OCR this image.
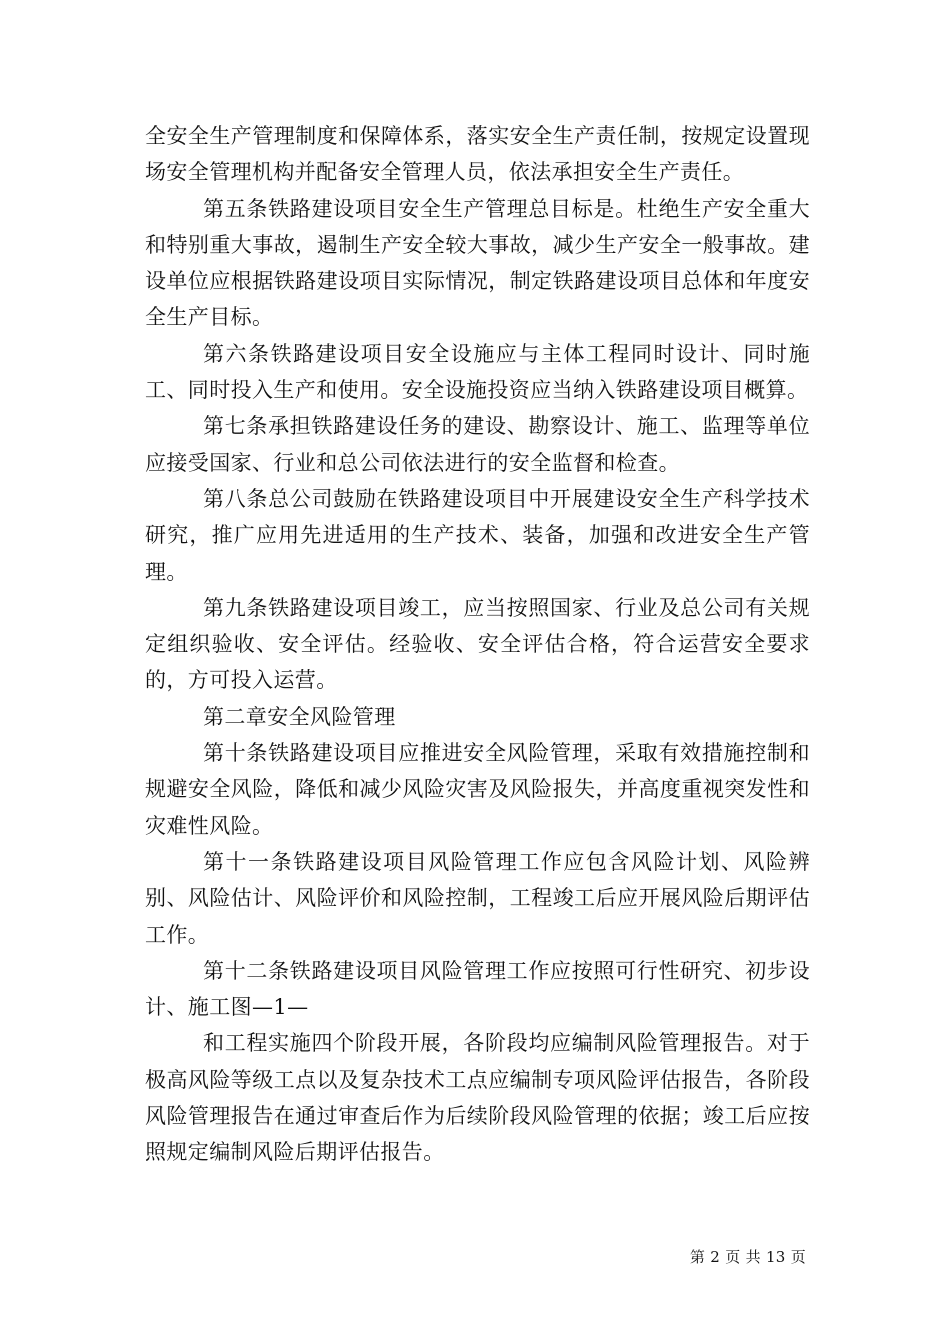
全安全生产管理制度和保障体系，落实安全生产责任制，按规定设置现场安全管理机构并配备安全管理人员，依法承担安全生产责任。

第五条铁路建设项目安全生产管理总目标是。杜绝生产安全重大和特别重大事故，遏制生产安全较大事故，减少生产安全一般事故。建设单位应根据铁路建设项目实际情况，制定铁路建设项目总体和年度安全生产目标。

第六条铁路建设项目安全设施应与主体工程同时设计、同时施工、同时投入生产和使用。安全设施投资应当纳入铁路建设项目概算。

第七条承担铁路建设任务的建设、勘察设计、施工、监理等单位应接受国家、行业和总公司依法进行的安全监督和检查。

第八条总公司鼓励在铁路建设项目中开展建设安全生产科学技术研究，推广应用先进适用的生产技术、装备，加强和改进安全生产管理。

第九条铁路建设项目竣工，应当按照国家、行业及总公司有关规定组织验收、安全评估。经验收、安全评估合格，符合运营安全要求的，方可投入运营。

第二章安全风险管理

第十条铁路建设项目应推进安全风险管理，采取有效措施控制和规避安全风险，降低和减少风险灾害及风险报失，并高度重视突发性和灾难性风险。

第十一条铁路建设项目风险管理工作应包含风险计划、风险辨别、风险估计、风险评价和风险控制，工程竣工后应开展风险后期评估工作。

第十二条铁路建设项目风险管理工作应按照可行性研究、初步设计、施工图—1—

和工程实施四个阶段开展，各阶段均应编制风险管理报告。对于极高风险等级工点以及复杂技术工点应编制专项风险评估报告，各阶段风险管理报告在通过审查后作为后续阶段风险管理的依据；竣工后应按照规定编制风险后期评估报告。

第 2 页 共 13 页
